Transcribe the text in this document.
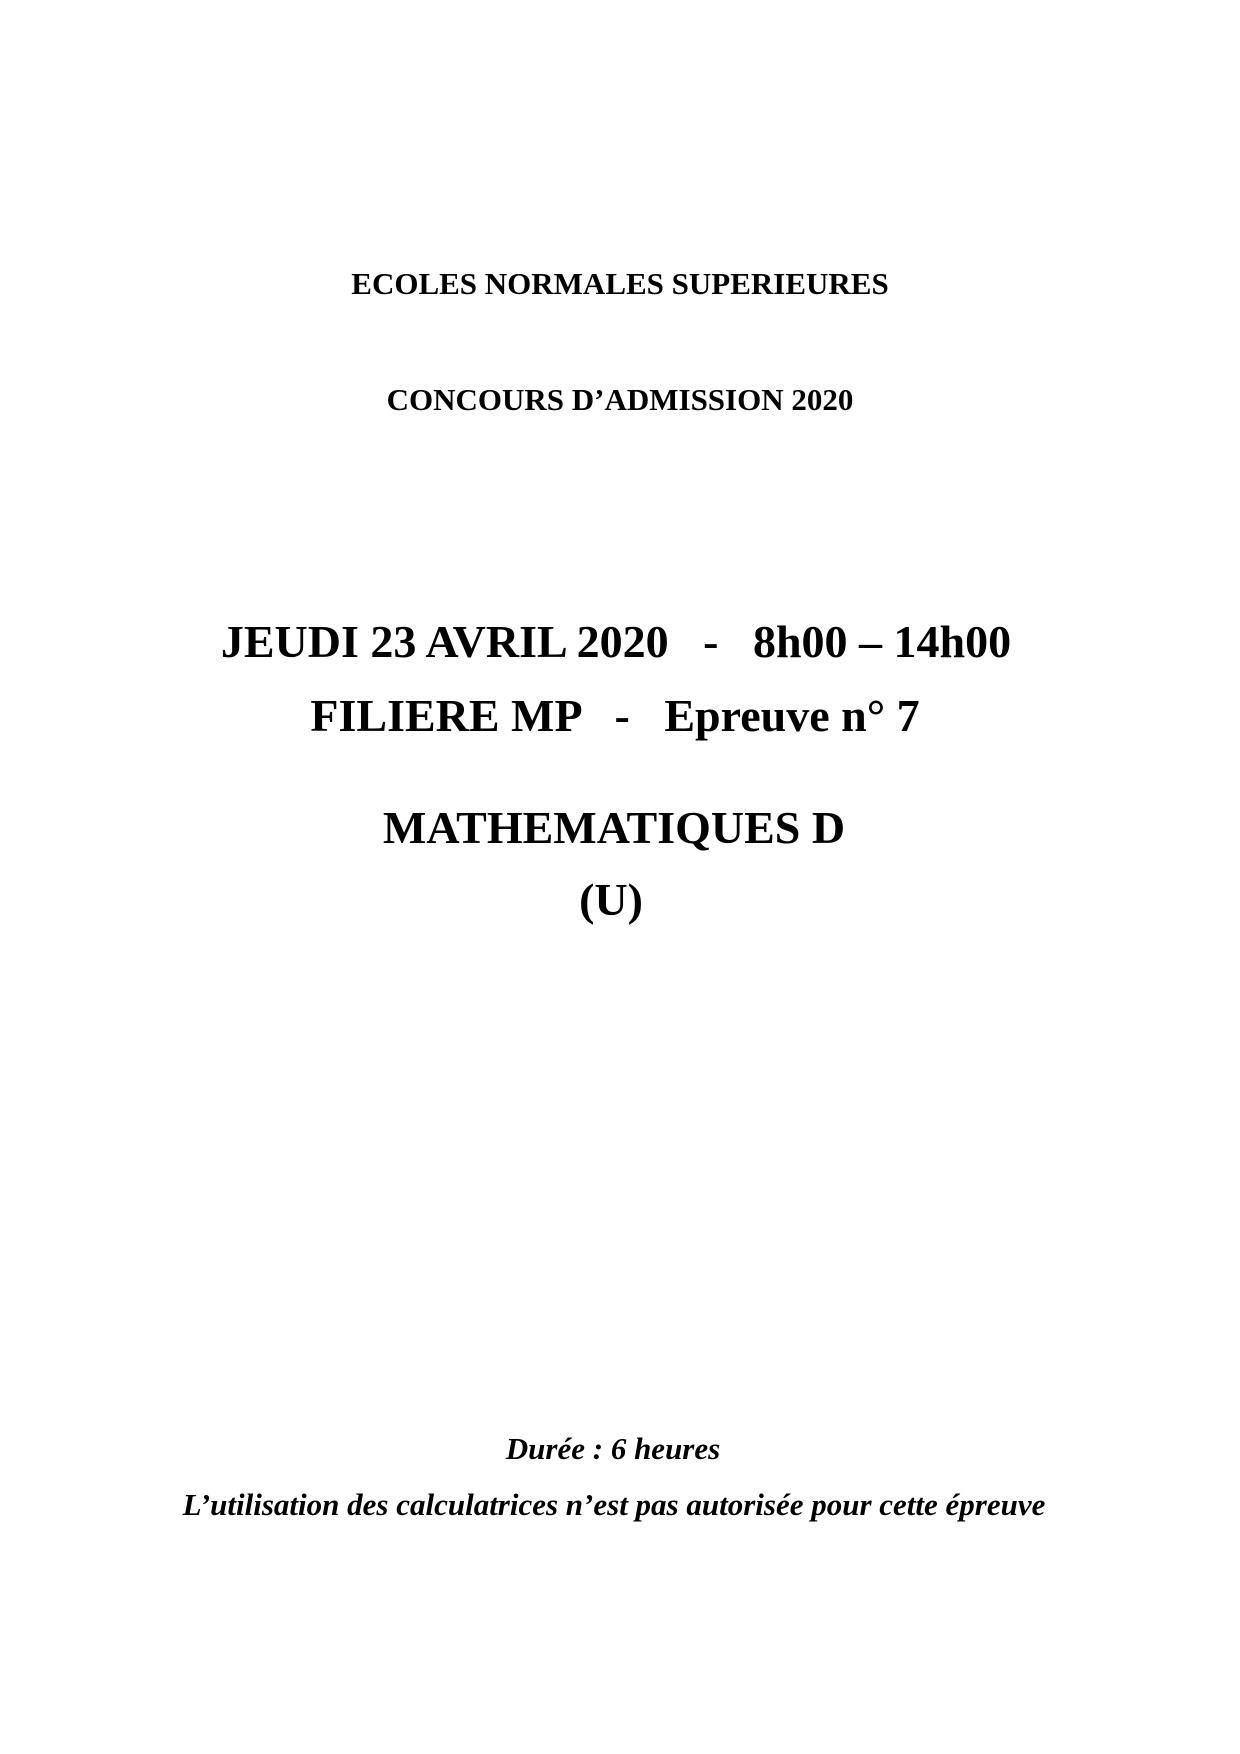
ECOLES NORMALES SUPERIEURES
CONCOURS D’ADMISSION 2020
JEUDI 23 AVRIL 2020   -   8h00 – 14h00
FILIERE MP   -   Epreuve n° 7
MATHEMATIQUES D
(U)
Durée : 6 heures
L’utilisation des calculatrices n’est pas autorisée pour cette épreuve
